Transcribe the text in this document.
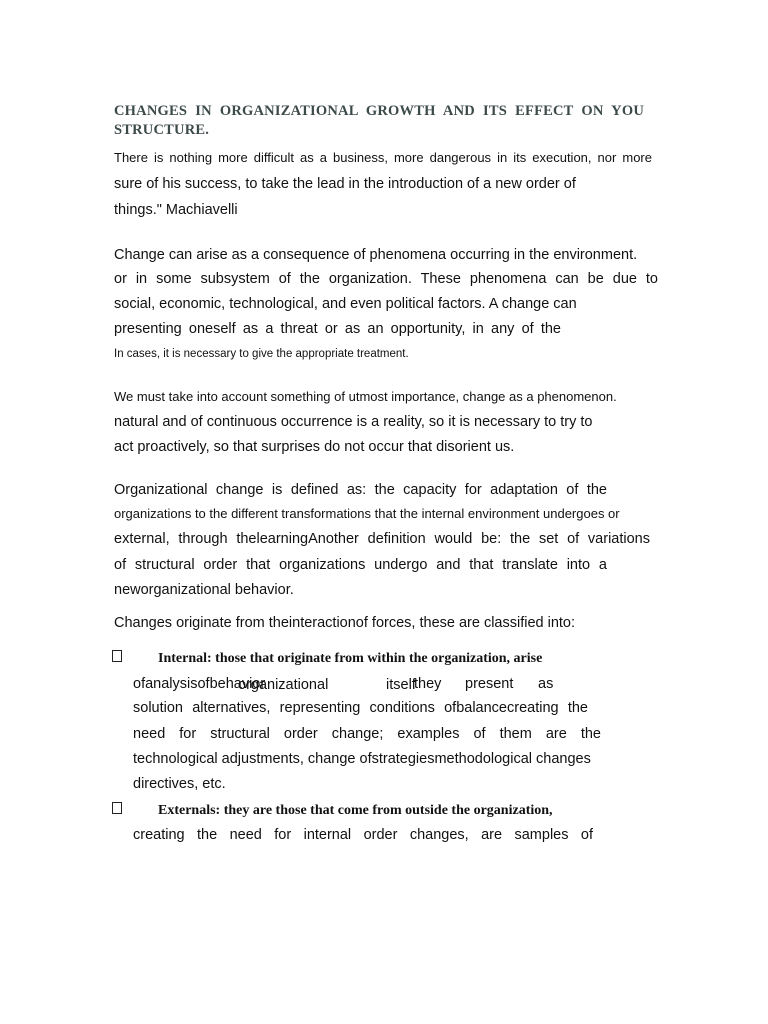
CHANGES IN ORGANIZATIONAL GROWTH AND ITS EFFECT ON YOU STRUCTURE.
There is nothing more difficult as a business, more dangerous in its execution, nor more
sure of his success, to take the lead in the introduction of a new order of
things." Machiavelli
Change can arise as a consequence of phenomena occurring in the environment.
or in some subsystem of the organization. These phenomena can be due to
social, economic, technological, and even political factors. A change can
presenting oneself as a threat or as an opportunity, in any of the
In cases, it is necessary to give the appropriate treatment.
We must take into account something of utmost importance, change as a phenomenon.
natural and of continuous occurrence is a reality, so it is necessary to try to
act proactively, so that surprises do not occur that disorient us.
Organizational change is defined as: the capacity for adaptation of the
organizations to the different transformations that the internal environment undergoes or
external, through thelearningAnother definition would be: the set of variations
of structural order that organizations undergo and that translate into a
neworganizational behavior.
Changes originate from theinteractionof forces, these are classified into:
Internal: those that originate from within the organization, arise
ofanalysisofbehavior
organizational	itself
they present as
solution alternatives, representing conditions ofbalancecreating the
need for structural order change; examples of them are the
technological adjustments, change ofstrategiesmethodological changes
directives, etc.
Externals: they are those that come from outside the organization,
creating the need for internal order changes, are samples of
